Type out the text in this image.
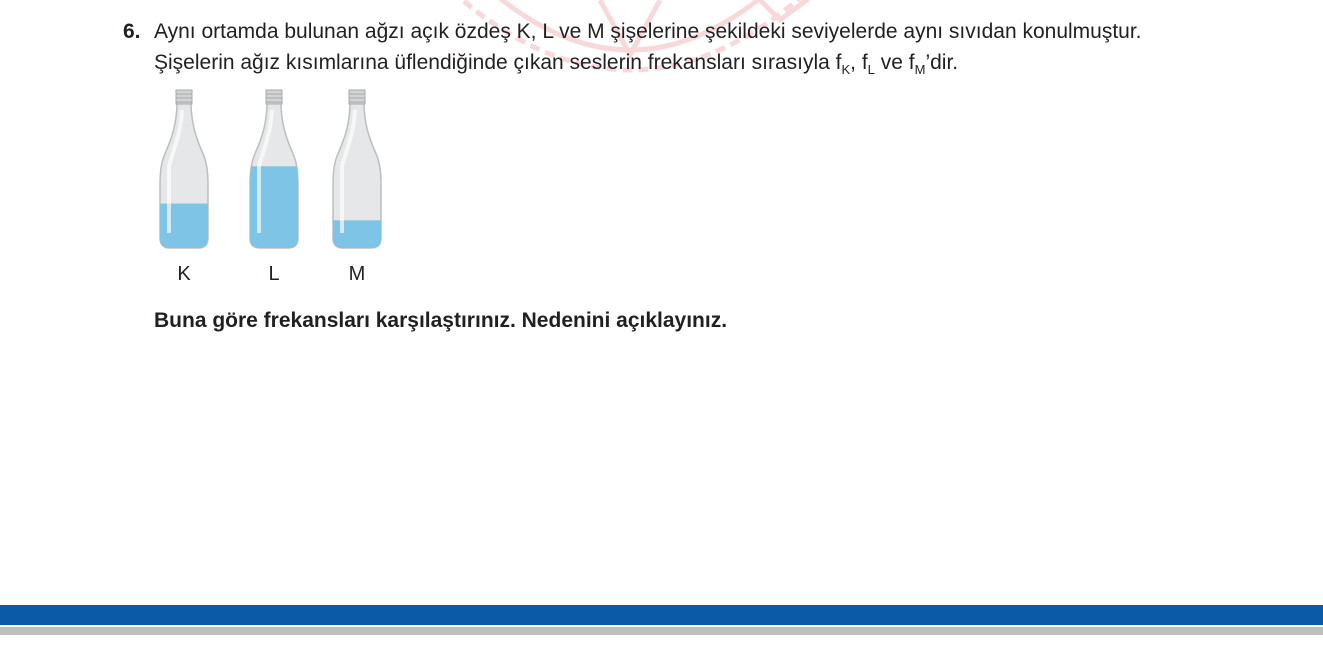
6. Aynı ortamda bulunan ağzı açık özdeş K, L ve M şişelerine şekildeki seviyelerde aynı sıvıdan konulmuştur.

Şişelerin ağız kısımlarına üflendiğinde çıkan seslerin frekansları sırasıyla $f_K$, $f_L$ ve $f_M’dir$.

K	L	M

Buna göre frekansları karşılaştırınız. Nedenini açıklayınız.
